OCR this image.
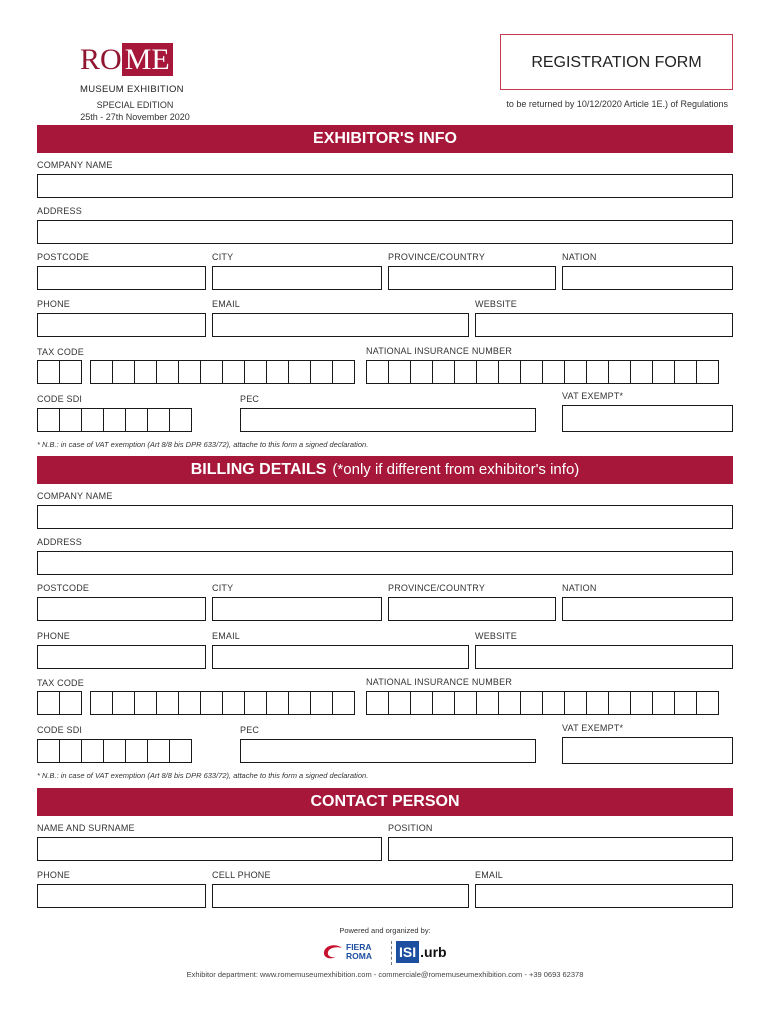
RO ME
MUSEUM EXHIBITION
SPECIAL EDITION
25th - 27th November 2020
REGISTRATION FORM
to be returned by 10/12/2020 Article 1E.) of Regulations
EXHIBITOR'S INFO
COMPANY NAME
ADDRESS
POSTCODE	CITY	PROVINCE/COUNTRY	NATION
PHONE	EMAIL	WEBSITE
TAX CODE	NATIONAL INSURANCE NUMBER
CODE SDI	PEC	VAT EXEMPT*
* N.B.: in case of VAT exemption (Art 8/8 bis DPR 633/72), attache to this form a signed declaration.
BILLING DETAILS (*only if different from exhibitor's info)
COMPANY NAME
ADDRESS
POSTCODE	CITY	PROVINCE/COUNTRY	NATION
PHONE	EMAIL	WEBSITE
TAX CODE	NATIONAL INSURANCE NUMBER
CODE SDI	PEC	VAT EXEMPT*
* N.B.: in case of VAT exemption (Art 8/8 bis DPR 633/72), attache to this form a signed declaration.
CONTACT PERSON
NAME AND SURNAME	POSITION
PHONE	CELL PHONE	EMAIL
Powered and organized by:
FIERA
ROMA ISI .urb
Exhibitor department: www.romemuseumexhibition.com - commerciale@romemuseumexhibition.com - +39 0693 62378
